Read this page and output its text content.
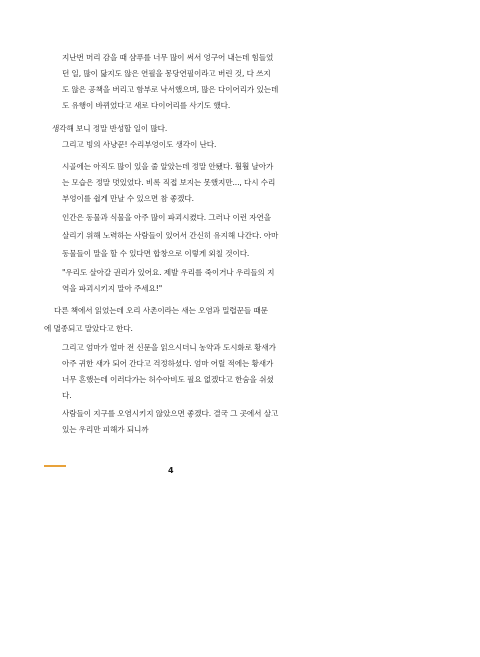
지난번 머리 감을 때 샴푸를 너무 많이 써서 엉구어 내는데 힘들었
던 일, 많이 닳지도 않은 연필을 몽당연필이라고 버린 것, 다 쓰지
도 않은 공책을 버리고 함부로 낙서했으며, 많은 다이어리가 있는데
도 유행이 바뀌었다고 새로 다이어리를 사기도 했다.

생각해 보니 정말 반성할 일이 많다.

그리고 빙의 사냥꾼! 수리부엉이도 생각이 난다.

시골에는 아직도 많이 있을 줄 알았는데 정말 안됐다. 훨훨 날아가
는 모습은 정말 멋있었다. 비록 직접 보지는 못했지만..., 다시 수리
부엉이를 쉽게 만날 수 있으면 참 좋겠다.

인간은 동물과 식물을 아주 많이 파괴시켰다. 그러나 이런 자연을
살리기 위해 노력하는 사람들이 있어서 간신히 유지해 나간다. 아마
동물들이 말을 할 수 있다면 합창으로 이렇게 외칠 것이다.

"우리도 살아갈 권리가 있어요. 제발 우리를 죽이거나 우리들의 지
역을 파괴시키지 말아 주세요!"

다른 책에서 읽었는데 오리 사촌이라는 새는 오염과 밀렵꾼들 때문
에 멸종되고 말았다고 한다.

그리고 엄마가 얼마 전 신문을 읽으시더니 농약과 도시화로 황새가
아주 귀한 새가 되어 간다고 걱정하셨다. 엄마 어릴 적에는 황새가
너무 흔했는데 이러다가는 허수아비도 필요 없겠다고 한숨을 쉬셨
다.

사람들이 지구를 오염시키지 않았으면 좋겠다. 결국 그 곳에서 살고
있는 우리만 피해가 되니까

4
